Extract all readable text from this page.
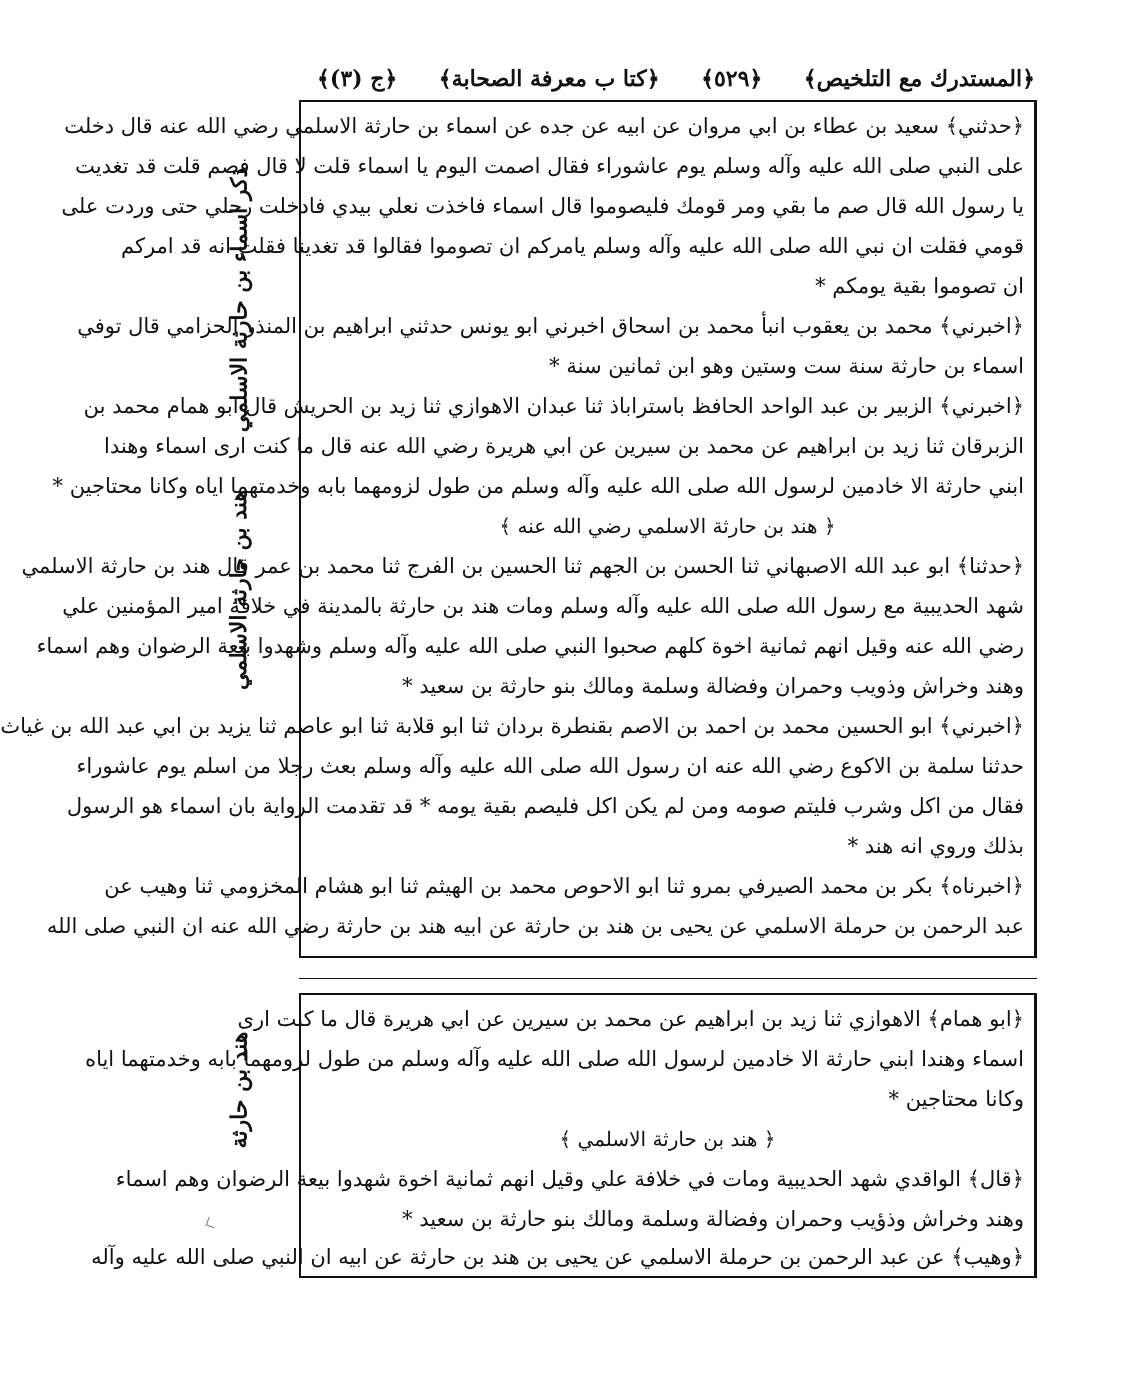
﴿المستدرك مع التلخيص﴾
﴿٥٢٩﴾
﴿كتا ب معرفة الصحابة﴾
﴿ج (٣)﴾
ذكر اسماء بن حارثة الاسلمي
هند بن حارثة الاسلمي
هند بن حارثة
﴿حدثني﴾ سعيد بن عطاء بن ابي مروان عن ابيه عن جده عن اسماء بن حارثة الاسلمي رضي الله عنه قال دخلت
على النبي صلى الله عليه وآله وسلم يوم عاشوراء فقال اصمت اليوم يا اسماء قلت لا قال فصم قلت قد تغديت
يا رسول الله قال صم ما بقي ومر قومك فليصوموا قال اسماء فاخذت نعلي بيدي فادخلت رحلي حتى وردت على
قومي فقلت ان نبي الله صلى الله عليه وآله وسلم يامركم ان تصوموا فقالوا قد تغدينا فقلت انه قد امركم
ان تصوموا بقية يومكم *
﴿اخبرني﴾ محمد بن يعقوب انبأ محمد بن اسحاق اخبرني ابو يونس حدثني ابراهيم بن المنذر الحزامي قال توفي
اسماء بن حارثة سنة ست وستين وهو ابن ثمانين سنة *
﴿اخبرني﴾ الزبير بن عبد الواحد الحافظ باستراباذ ثنا عبدان الاهوازي ثنا زيد بن الحريش قال ابو همام محمد بن
الزبرقان ثنا زيد بن ابراهيم عن محمد بن سيرين عن ابي هريرة رضي الله عنه قال ما كنت ارى اسماء وهندا
ابني حارثة الا خادمين لرسول الله صلى الله عليه وآله وسلم من طول لزومهما بابه وخدمتهما اياه وكانا محتاجين *
﴿ هند بن حارثة الاسلمي رضي الله عنه ﴾
﴿حدثنا﴾ ابو عبد الله الاصبهاني ثنا الحسن بن الجهم ثنا الحسين بن الفرج ثنا محمد بن عمر قال هند بن حارثة الاسلمي
شهد الحديبية مع رسول الله صلى الله عليه وآله وسلم ومات هند بن حارثة بالمدينة في خلافة امير المؤمنين علي
رضي الله عنه وقيل انهم ثمانية اخوة كلهم صحبوا النبي صلى الله عليه وآله وسلم وشهدوا بيعة الرضوان وهم اسماء
وهند وخراش وذويب وحمران وفضالة وسلمة ومالك بنو حارثة بن سعيد *
﴿اخبرني﴾ ابو الحسين محمد بن احمد بن الاصم بقنطرة بردان ثنا ابو قلابة ثنا ابو عاصم ثنا يزيد بن ابي عبد الله بن غياث
حدثنا سلمة بن الاكوع رضي الله عنه ان رسول الله صلى الله عليه وآله وسلم بعث رجلا من اسلم يوم عاشوراء
فقال من اكل وشرب فليتم صومه ومن لم يكن اكل فليصم بقية يومه * قد تقدمت الرواية بان اسماء هو الرسول
بذلك وروي انه هند *
﴿اخبرناه﴾ بكر بن محمد الصيرفي بمرو ثنا ابو الاحوص محمد بن الهيثم ثنا ابو هشام المخزومي ثنا وهيب عن
عبد الرحمن بن حرملة الاسلمي عن يحيى بن هند بن حارثة عن ابيه هند بن حارثة رضي الله عنه ان النبي صلى الله
﴿ابو همام﴾ الاهوازي ثنا زيد بن ابراهيم عن محمد بن سيرين عن ابي هريرة قال ما كنت ارى
اسماء وهندا ابني حارثة الا خادمين لرسول الله صلى الله عليه وآله وسلم من طول لزومهما بابه وخدمتهما اياه
وكانا محتاجين *
﴿ هند بن حارثة الاسلمي ﴾
﴿قال﴾ الواقدي شهد الحديبية ومات في خلافة علي وقيل انهم ثمانية اخوة شهدوا بيعة الرضوان وهم اسماء
وهند وخراش وذؤيب وحمران وفضالة وسلمة ومالك بنو حارثة بن سعيد *
﴿وهيب﴾ عن عبد الرحمن بن حرملة الاسلمي عن يحيى بن هند بن حارثة عن ابيه ان النبي صلى الله عليه وآله
